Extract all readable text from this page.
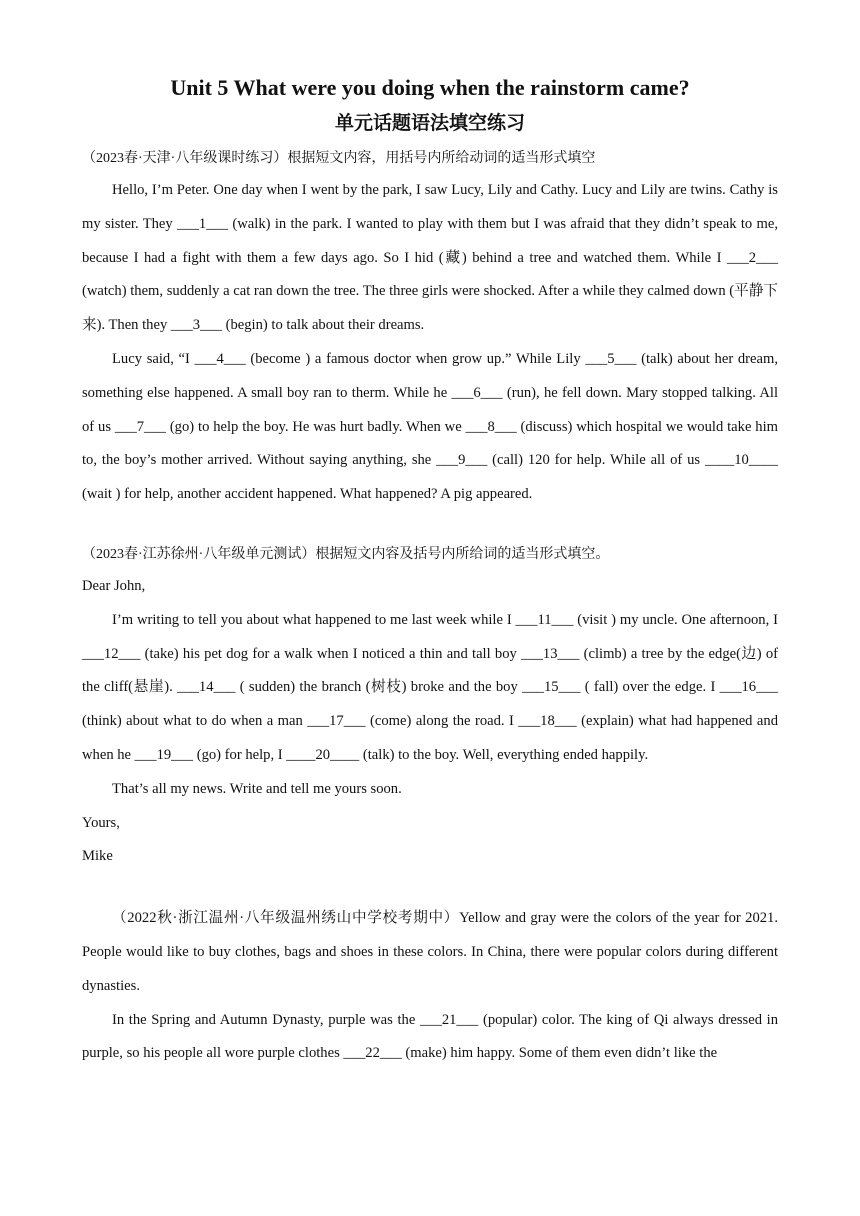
Unit 5 What were you doing when the rainstorm came?
单元话题语法填空练习

（2023春·天津·八年级课时练习）根据短文内容，用括号内所给动词的适当形式填空

Hello, I’m Peter. One day when I went by the park, I saw Lucy, Lily and Cathy. Lucy and Lily are twins. Cathy is my sister. They ___1___ (walk) in the park. I wanted to play with them but I was afraid that they didn’t speak to me, because I had a fight with them a few days ago. So I hid (藏) behind a tree and watched them. While I ___2___ (watch) them, suddenly a cat ran down the tree. The three girls were shocked. After a while they calmed down (平静下来). Then they ___3___ (begin) to talk about their dreams.

Lucy said, “I ___4___ (become ) a famous doctor when grow up.” While Lily ___5___ (talk) about her dream, something else happened. A small boy ran to therm. While he ___6___ (run), he fell down. Mary stopped talking. All of us ___7___ (go) to help the boy. He was hurt badly. When we ___8___ (discuss) which hospital we would take him to, the boy’s mother arrived. Without saying anything, she ___9___ (call) 120 for help. While all of us ____10____ (wait ) for help, another accident happened. What happened? A pig appeared.

（2023春·江苏徐州·八年级单元测试）根据短文内容及括号内所给词的适当形式填空。

Dear John,

I’m writing to tell you about what happened to me last week while I ___11___ (visit ) my uncle. One afternoon, I ___12___ (take) his pet dog for a walk when I noticed a thin and tall boy ___13___ (climb) a tree by the edge(边) of the cliff(悬崖). ___14___ ( sudden) the branch (树枝) broke and the boy ___15___ ( fall) over the edge. I ___16___ (think) about what to do when a man ___17___ (come) along the road. I ___18___ (explain) what had happened and when he ___19___ (go) for help, I ____20____ (talk) to the boy. Well, everything ended happily.

That’s all my news. Write and tell me yours soon.

Yours,

Mike

（2022秋·浙江温州·八年级温州绣山中学校考期中）Yellow and gray were the colors of the year for 2021. People would like to buy clothes, bags and shoes in these colors. In China, there were popular colors during different dynasties.

In the Spring and Autumn Dynasty, purple was the ___21___ (popular) color. The king of Qi always dressed in purple, so his people all wore purple clothes ___22___ (make) him happy. Some of them even didn’t like the
